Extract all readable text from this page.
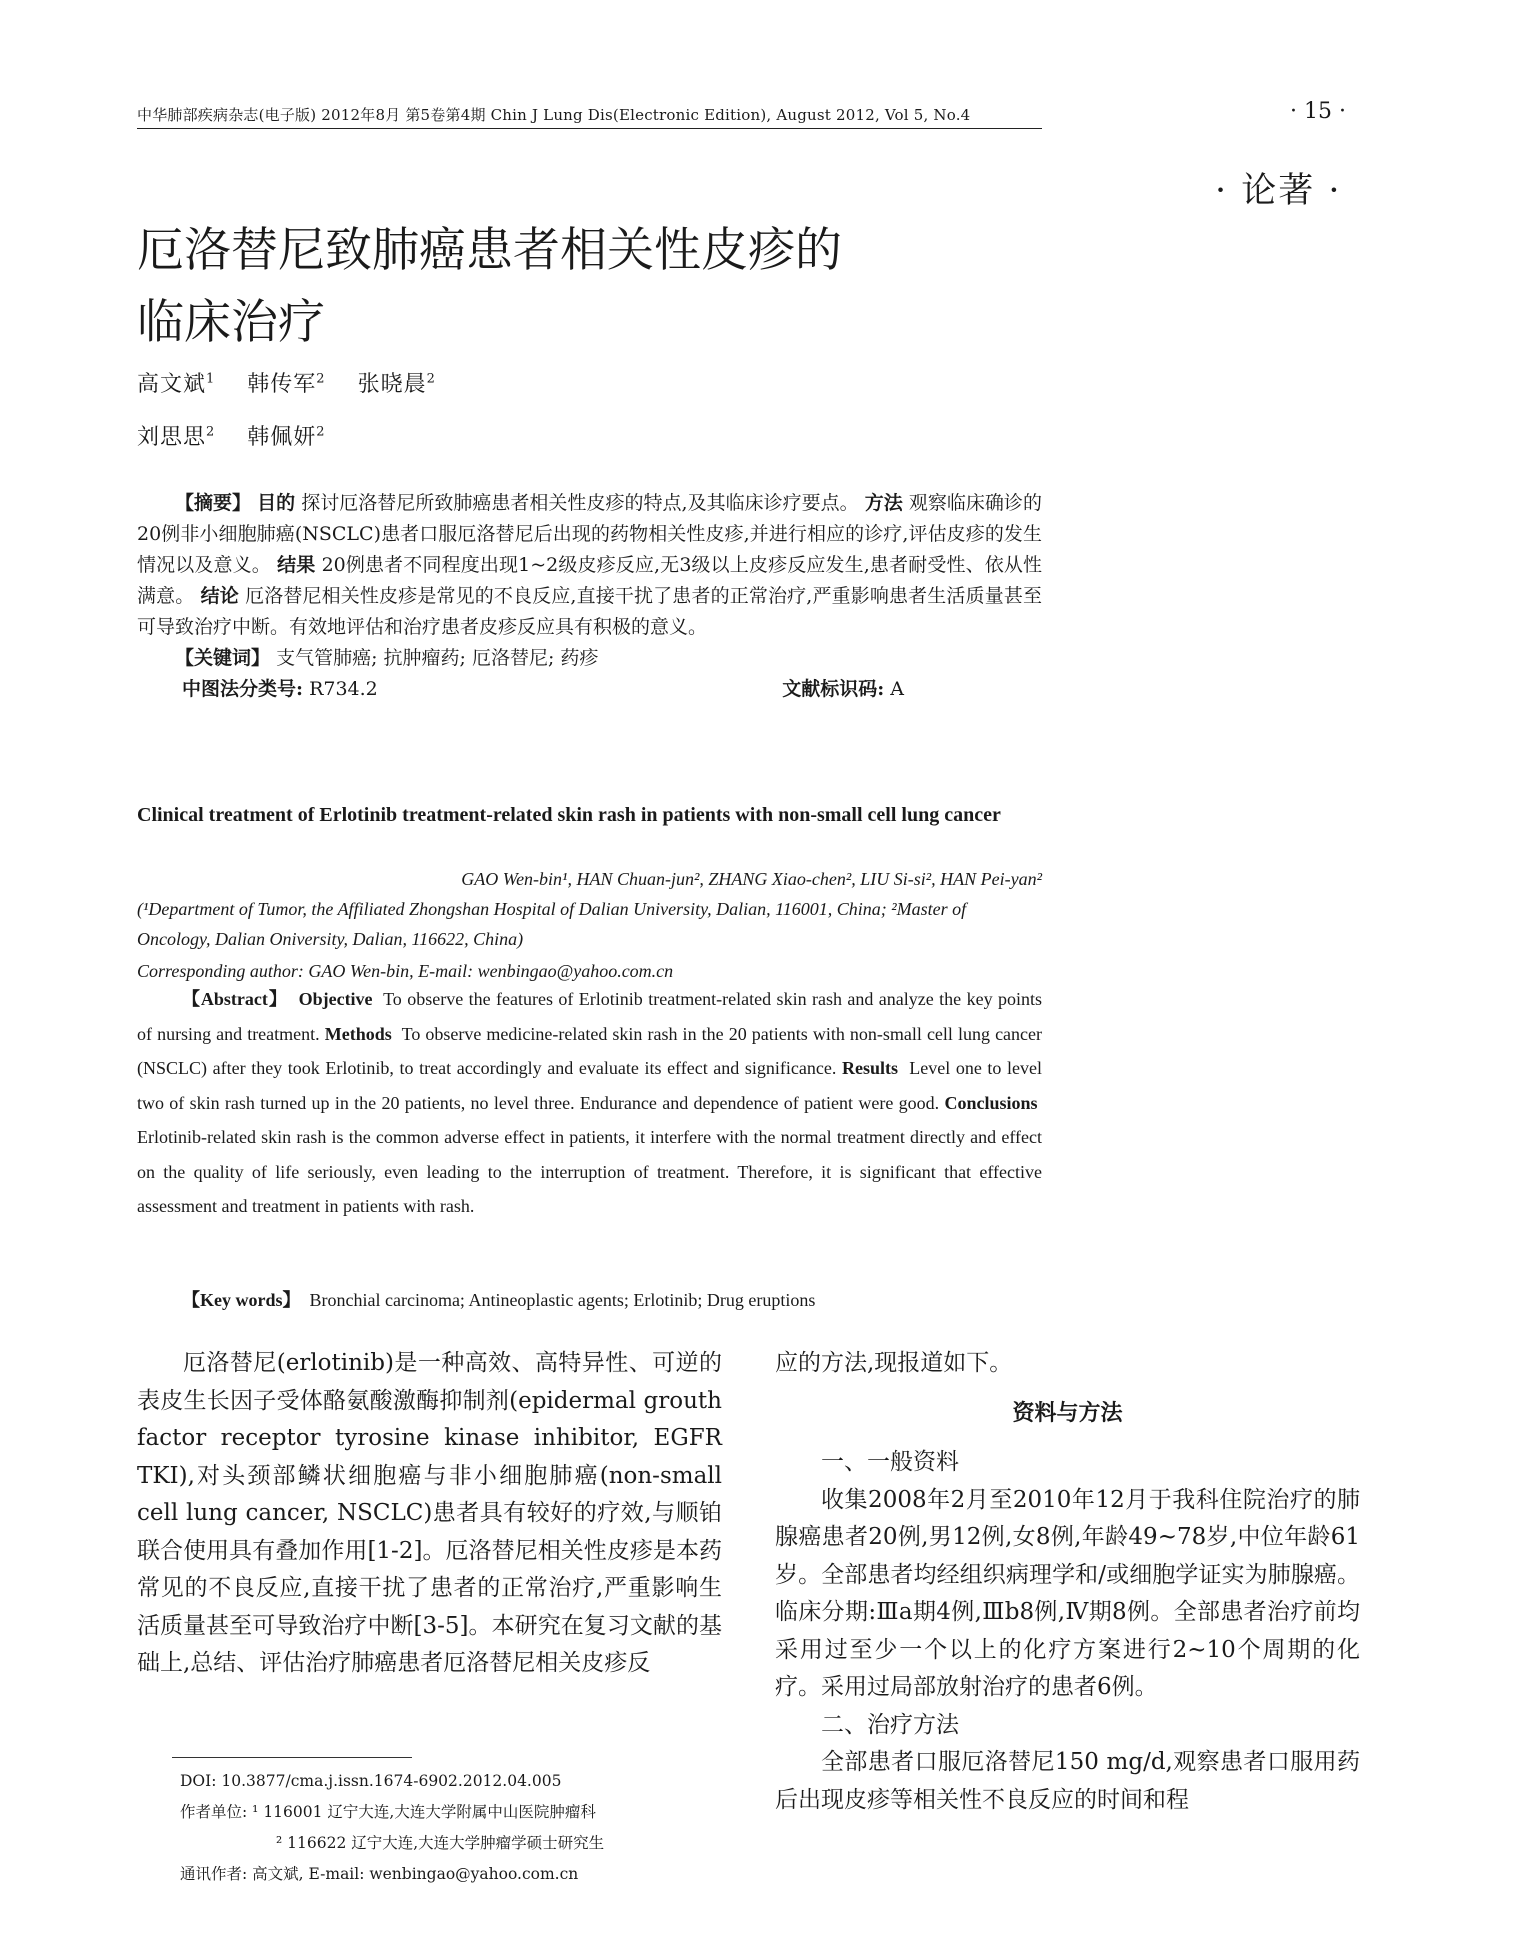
中华肺部疾病杂志(电子版) 2012年8月 第5卷第4期 Chin J Lung Dis(Electronic Edition), August 2012, Vol 5, No.4	· 15 ·
· 论著 ·
厄洛替尼致肺癌患者相关性皮疹的
临床治疗
高文斌$^1$ 韩传军$^2$ 张晓晨$^2$
刘思思$^2$ 韩佩妍$^2$
【摘要】 目的 探讨厄洛替尼所致肺癌患者相关性皮疹的特点,及其临床诊疗要点。 方法 观察临床确诊的20例非小细胞肺癌(NSCLC)患者口服厄洛替尼后出现的药物相关性皮疹,并进行相应的诊疗,评估皮疹的发生情况以及意义。 结果 20例患者不同程度出现1~2级皮疹反应,无3级以上皮疹反应发生,患者耐受性、依从性满意。 结论 厄洛替尼相关性皮疹是常见的不良反应,直接干扰了患者的正常治疗,严重影响患者生活质量甚至可导致治疗中断。有效地评估和治疗患者皮疹反应具有积极的意义。
【关键词】 支气管肺癌; 抗肿瘤药; 厄洛替尼; 药疹
中图法分类号: R734.2	文献标识码: A
Clinical treatment of Erlotinib treatment-related skin rash in patients with non-small cell lung cancer
GAO Wen-bin¹, HAN Chuan-jun², ZHANG Xiao-chen², LIU Si-si², HAN Pei-yan²
(¹Department of Tumor, the Affiliated Zhongshan Hospital of Dalian University, Dalian, 116001, China; ²Master of Oncology, Dalian Oniversity, Dalian, 116622, China)
Corresponding author: GAO Wen-bin, E-mail: wenbingao@yahoo.com.cn
【Abstract】 Objective To observe the features of Erlotinib treatment-related skin rash and analyze the key points of nursing and treatment. Methods To observe medicine-related skin rash in the 20 patients with non-small cell lung cancer (NSCLC) after they took Erlotinib, to treat accordingly and evaluate its effect and significance. Results Level one to level two of skin rash turned up in the 20 patients, no level three. Endurance and dependence of patient were good. Conclusions  Erlotinib-related skin rash is the common adverse effect in patients, it interfere with the normal treatment directly and effect on the quality of life seriously, even leading to the interruption of treatment. Therefore, it is significant that effective assessment and treatment in patients with rash.
【Key words】 Bronchial carcinoma; Antineoplastic agents; Erlotinib; Drug eruptions
厄洛替尼(erlotinib)是一种高效、高特异性、可逆的表皮生长因子受体酪氨酸激酶抑制剂(epidermal grouth factor receptor tyrosine kinase inhibitor, EGFR TKI),对头颈部鳞状细胞癌与非小细胞肺癌(non-small cell lung cancer, NSCLC)患者具有较好的疗效,与顺铂联合使用具有叠加作用[1-2]。厄洛替尼相关性皮疹是本药常见的不良反应,直接干扰了患者的正常治疗,严重影响生活质量甚至可导致治疗中断[3-5]。本研究在复习文献的基础上,总结、评估治疗肺癌患者厄洛替尼相关皮疹反
应的方法,现报道如下。
资料与方法
一、一般资料
收集2008年2月至2010年12月于我科住院治疗的肺腺癌患者20例,男12例,女8例,年龄49~78岁,中位年龄61岁。全部患者均经组织病理学和/或细胞学证实为肺腺癌。临床分期:Ⅲa期4例,Ⅲb8例,Ⅳ期8例。全部患者治疗前均采用过至少一个以上的化疗方案进行2~10个周期的化疗。采用过局部放射治疗的患者6例。
二、治疗方法
全部患者口服厄洛替尼150 mg/d,观察患者口服用药后出现皮疹等相关性不良反应的时间和程
DOI: 10.3877/cma.j.issn.1674-6902.2012.04.005
作者单位: ¹ 116001 辽宁大连,大连大学附属中山医院肿瘤科
² 116622 辽宁大连,大连大学肿瘤学硕士研究生
通讯作者: 高文斌, E-mail: wenbingao@yahoo.com.cn
